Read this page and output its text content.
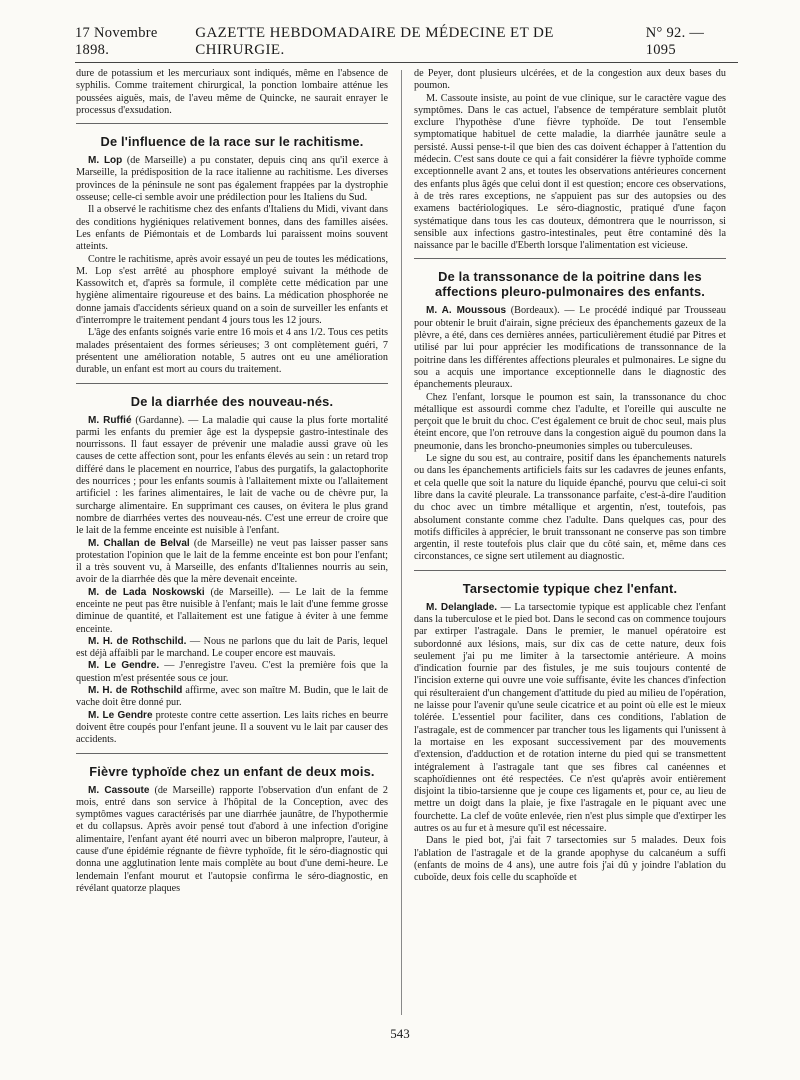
17 Novembre 1898.
GAZETTE HEBDOMADAIRE DE MÉDECINE ET DE CHIRURGIE.
N° 92. — 1095

dure de potassium et les mercuriaux sont indiqués, même en l'absence de syphilis. Comme traitement chirurgical, la ponction lombaire atténue les poussées aiguës, mais, de l'aveu même de Quincke, ne saurait enrayer le processus d'exsudation.

De l'influence de la race sur le rachitisme.

M. Lop (de Marseille) a pu constater, depuis cinq ans qu'il exerce à Marseille, la prédisposition de la race italienne au rachitisme. Les diverses provinces de la péninsule ne sont pas également frappées par la dystrophie osseuse; celle-ci semble avoir une prédilection pour les Italiens du Sud.

Il a observé le rachitisme chez des enfants d'Italiens du Midi, vivant dans des conditions hygiéniques relativement bonnes, dans des familles aisées. Les enfants de Piémontais et de Lombards lui paraissent moins souvent atteints.

Contre le rachitisme, après avoir essayé un peu de toutes les médications, M. Lop s'est arrêté au phosphore employé suivant la méthode de Kassowitch et, d'après sa formule, il complète cette médication par une hygiène alimentaire rigoureuse et des bains. La médication phosphorée ne donne jamais d'accidents sérieux quand on a soin de surveiller les enfants et d'interrompre le traitement pendant 4 jours tous les 12 jours.

L'âge des enfants soignés varie entre 16 mois et 4 ans 1/2. Tous ces petits malades présentaient des formes sérieuses; 3 ont complètement guéri, 7 présentent une amélioration notable, 5 autres ont eu une amélioration durable, un enfant est mort au cours du traitement.

De la diarrhée des nouveau-nés.

M. Ruffié (Gardanne). — La maladie qui cause la plus forte mortalité parmi les enfants du premier âge est la dyspepsie gastro-intestinale des nourrissons. Il faut essayer de prévenir une maladie aussi grave où les causes de cette affection sont, pour les enfants élevés au sein : un retard trop différé dans le placement en nourrice, l'abus des purgatifs, la galactophorite des nourrices ; pour les enfants soumis à l'allaitement mixte ou l'allaitement artificiel : les farines alimentaires, le lait de vache ou de chèvre pur, la surcharge alimentaire. En supprimant ces causes, on évitera le plus grand nombre de diarrhées vertes des nouveau-nés. C'est une erreur de croire que le lait de la femme enceinte est nuisible à l'enfant.

M. Challan de Belval (de Marseille) ne veut pas laisser passer sans protestation l'opinion que le lait de la femme enceinte est bon pour l'enfant; il a très souvent vu, à Marseille, des enfants d'Italiennes nourris au sein, avoir de la diarrhée dès que la mère devenait enceinte.

M. de Lada Noskowski (de Marseille). — Le lait de la femme enceinte ne peut pas être nuisible à l'enfant; mais le lait d'une femme grosse diminue de quantité, et l'allaitement est une fatigue à éviter à une femme enceinte.

M. H. de Rothschild. — Nous ne parlons que du lait de Paris, lequel est déjà affaibli par le marchand. Le couper encore est mauvais.

M. Le Gendre. — J'enregistre l'aveu. C'est la première fois que la question m'est présentée sous ce jour.

M. H. de Rothschild affirme, avec son maître M. Budin, que le lait de vache doit être donné pur.

M. Le Gendre proteste contre cette assertion. Les laits riches en beurre doivent être coupés pour l'enfant jeune. Il a souvent vu le lait par causer des accidents.

Fièvre typhoïde chez un enfant de deux mois.

M. Cassoute (de Marseille) rapporte l'observation d'un enfant de 2 mois, entré dans son service à l'hôpital de la Conception, avec des symptômes vagues caractérisés par une diarrhée jaunâtre, de l'hypothermie et du collapsus. Après avoir pensé tout d'abord à une infection d'origine alimentaire, l'enfant ayant été nourri avec un biberon malpropre, l'auteur, à cause d'une épidémie régnante de fièvre typhoïde, fit le séro-diagnostic qui donna une agglutination lente mais complète au bout d'une demi-heure. Le lendemain l'enfant mourut et l'autopsie confirma le séro-diagnostic, en révélant quatorze plaques

de Peyer, dont plusieurs ulcérées, et de la congestion aux deux bases du poumon.

M. Cassoute insiste, au point de vue clinique, sur le caractère vague des symptômes. Dans le cas actuel, l'absence de température semblait plutôt exclure l'hypothèse d'une fièvre typhoïde. De tout l'ensemble symptomatique habituel de cette maladie, la diarrhée jaunâtre seule a persisté. Aussi pense-t-il que bien des cas doivent échapper à l'attention du médecin. C'est sans doute ce qui a fait considérer la fièvre typhoïde comme exceptionnelle avant 2 ans, et toutes les observations antérieures concernent des enfants plus âgés que celui dont il est question; encore ces observations, à de très rares exceptions, ne s'appuient pas sur des autopsies ou des examens bactériologiques. Le séro-diagnostic, pratiqué d'une façon systématique dans tous les cas douteux, démontrera que le nourrisson, si sensible aux infections gastro-intestinales, peut être contaminé dès la naissance par le bacille d'Eberth lorsque l'alimentation est vicieuse.

De la transsonance de la poitrine dans les affections pleuro-pulmonaires des enfants.

M. A. Moussous (Bordeaux). — Le procédé indiqué par Trousseau pour obtenir le bruit d'airain, signe précieux des épanchements gazeux de la plèvre, a été, dans ces dernières années, particulièrement étudié par Pitres et utilisé par lui pour apprécier les modifications de transsonnance de la poitrine dans les différentes affections pleurales et pulmonaires. Le signe du sou a acquis une importance exceptionnelle dans le diagnostic des épanchements pleuraux.

Chez l'enfant, lorsque le poumon est sain, la transsonance du choc métallique est assourdi comme chez l'adulte, et l'oreille qui ausculte ne perçoit que le bruit du choc. C'est également ce bruit de choc seul, mais plus éteint encore, que l'on retrouve dans la congestion aiguë du poumon dans la pneumonie, dans les broncho-pneumonies simples ou tuberculeuses.

Le signe du sou est, au contraire, positif dans les épanchements naturels ou dans les épanchements artificiels faits sur les cadavres de jeunes enfants, et cela quelle que soit la nature du liquide épanché, pourvu que celui-ci soit libre dans la cavité pleurale. La transsonance parfaite, c'est-à-dire l'audition du choc avec un timbre métallique et argentin, n'est, toutefois, pas absolument constante comme chez l'adulte. Dans quelques cas, pour des motifs difficiles à apprécier, le bruit transsonant ne conserve pas son timbre argentin, il reste toutefois plus clair que du côté sain, et, même dans ces circonstances, ce signe sert utilement au diagnostic.

Tarsectomie typique chez l'enfant.

M. Delanglade. — La tarsectomie typique est applicable chez l'enfant dans la tuberculose et le pied bot. Dans le second cas on commence toujours par extirper l'astragale. Dans le premier, le manuel opératoire est subordonné aux lésions, mais, sur dix cas de cette nature, deux fois seulement j'ai pu me limiter à la tarsectomie antérieure. A moins d'indication fournie par des fistules, je me suis toujours contenté de l'incision externe qui ouvre une voie suffisante, évite les chances d'infection qui résulteraient d'un changement d'attitude du pied au milieu de l'opération, ne laisse pour l'avenir qu'une seule cicatrice et au point où elle est le mieux tolérée. L'essentiel pour faciliter, dans ces conditions, l'ablation de l'astragale, est de commencer par trancher tous les ligaments qui l'unissent à la mortaise en les exposant successivement par des mouvements d'extension, d'adduction et de rotation interne du pied qui se transmettent intégralement à l'astragale tant que ses fibres cal canéennes et scaphoïdiennes ont été respectées. Ce n'est qu'après avoir entièrement disjoint la tibio-tarsienne que je coupe ces ligaments et, pour ce, au lieu de mettre un doigt dans la plaie, je fixe l'astragale en le piquant avec une fourchette. La clef de voûte enlevée, rien n'est plus simple que d'extirper les autres os au fur et à mesure qu'il est nécessaire.

Dans le pied bot, j'ai fait 7 tarsectomies sur 5 malades. Deux fois l'ablation de l'astragale et de la grande apophyse du calcanéum a suffi (enfants de moins de 4 ans), une autre fois j'ai dû y joindre l'ablation du cuboïde, deux fois celle du scaphoïde et

543
